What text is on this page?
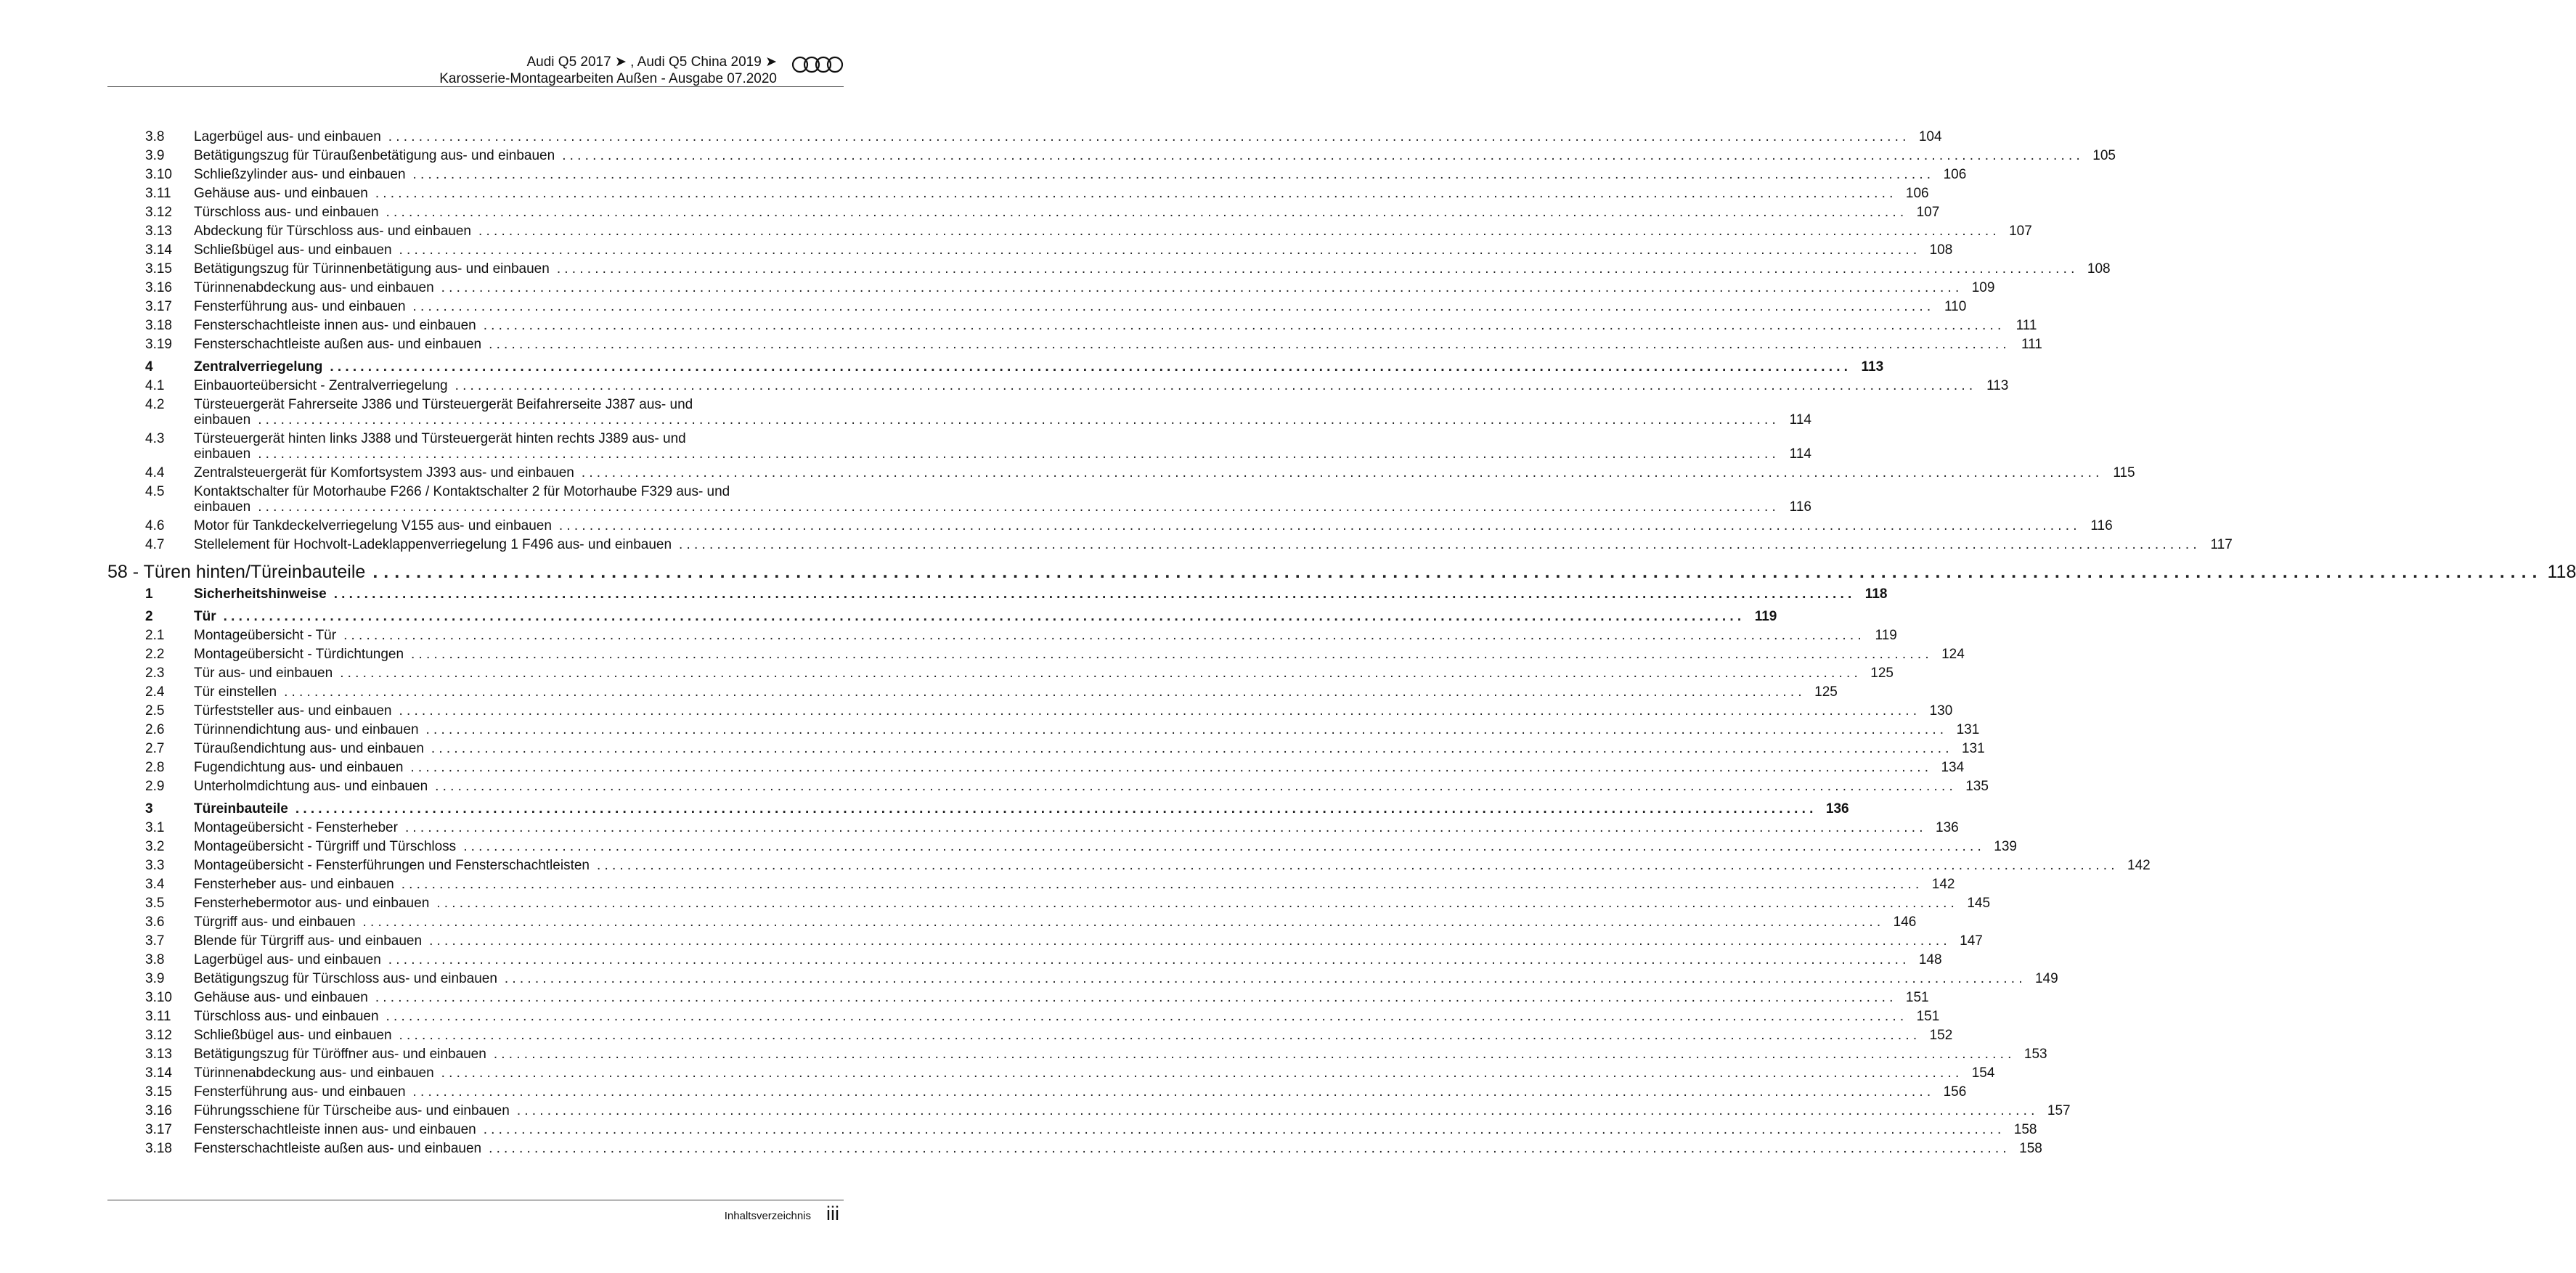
Audi Q5 2017 ➤ , Audi Q5 China 2019 ➤
Karosserie-Montagearbeiten Außen - Ausgabe 07.2020
3.8 Lagerbügel aus- und einbauen ........................................................................................................................................................................................................ 104
3.9 Betätigungszug für Türaußenbetätigung aus- und einbauen ........................................................................................................................................................................................................ 105
3.10 Schließzylinder aus- und einbauen ........................................................................................................................................................................................................ 106
3.11 Gehäuse aus- und einbauen ........................................................................................................................................................................................................ 106
3.12 Türschloss aus- und einbauen ........................................................................................................................................................................................................ 107
3.13 Abdeckung für Türschloss aus- und einbauen ........................................................................................................................................................................................................ 107
3.14 Schließbügel aus- und einbauen ........................................................................................................................................................................................................ 108
3.15 Betätigungszug für Türinnenbetätigung aus- und einbauen ........................................................................................................................................................................................................ 108
3.16 Türinnenabdeckung aus- und einbauen ........................................................................................................................................................................................................ 109
3.17 Fensterführung aus- und einbauen ........................................................................................................................................................................................................ 110
3.18 Fensterschachtleiste innen aus- und einbauen ........................................................................................................................................................................................................ 111
3.19 Fensterschachtleiste außen aus- und einbauen ........................................................................................................................................................................................................ 111
4	Zentralverriegelung ........................................................................................................................................................................................................ 113
4.1 Einbauorteübersicht - Zentralverriegelung ........................................................................................................................................................................................................ 113
4.2 Türsteuergerät Fahrerseite J386 und Türsteuergerät Beifahrerseite J387 aus- und
einbauen ........................................................................................................................................................................................................ 114
4.3 Türsteuergerät hinten links J388 und Türsteuergerät hinten rechts J389 aus- und
einbauen ........................................................................................................................................................................................................ 114
4.4 Zentralsteuergerät für Komfortsystem J393 aus- und einbauen ........................................................................................................................................................................................................ 115
4.5 Kontaktschalter für Motorhaube F266 / Kontaktschalter 2 für Motorhaube F329 aus- und
einbauen ........................................................................................................................................................................................................ 116
4.6 Motor für Tankdeckelverriegelung V155 aus- und einbauen ........................................................................................................................................................................................................ 116
4.7 Stellelement für Hochvolt-Ladeklappenverriegelung 1 F496 aus- und einbauen ........................................................................................................................................................................................................ 117
58 - Türen hinten/Türeinbauteile ........................................................................................................................................................................................................ 118
1	Sicherheitshinweise ........................................................................................................................................................................................................ 118
2	Tür ........................................................................................................................................................................................................ 119
2.1 Montageübersicht - Tür ........................................................................................................................................................................................................ 119
2.2 Montageübersicht - Türdichtungen ........................................................................................................................................................................................................ 124
2.3 Tür aus- und einbauen ........................................................................................................................................................................................................ 125
2.4 Tür einstellen ........................................................................................................................................................................................................ 125
2.5 Türfeststeller aus- und einbauen ........................................................................................................................................................................................................ 130
2.6 Türinnendichtung aus- und einbauen ........................................................................................................................................................................................................ 131
2.7 Türaußendichtung aus- und einbauen ........................................................................................................................................................................................................ 131
2.8 Fugendichtung aus- und einbauen ........................................................................................................................................................................................................ 134
2.9 Unterholmdichtung aus- und einbauen ........................................................................................................................................................................................................ 135
3	Türeinbauteile ........................................................................................................................................................................................................ 136
3.1 Montageübersicht - Fensterheber ........................................................................................................................................................................................................ 136
3.2 Montageübersicht - Türgriff und Türschloss ........................................................................................................................................................................................................ 139
3.3 Montageübersicht - Fensterführungen und Fensterschachtleisten ........................................................................................................................................................................................................ 142
3.4 Fensterheber aus- und einbauen ........................................................................................................................................................................................................ 142
3.5 Fensterhebermotor aus- und einbauen ........................................................................................................................................................................................................ 145
3.6 Türgriff aus- und einbauen ........................................................................................................................................................................................................ 146
3.7 Blende für Türgriff aus- und einbauen ........................................................................................................................................................................................................ 147
3.8 Lagerbügel aus- und einbauen ........................................................................................................................................................................................................ 148
3.9 Betätigungszug für Türschloss aus- und einbauen ........................................................................................................................................................................................................ 149
3.10 Gehäuse aus- und einbauen ........................................................................................................................................................................................................ 151
3.11 Türschloss aus- und einbauen ........................................................................................................................................................................................................ 151
3.12 Schließbügel aus- und einbauen ........................................................................................................................................................................................................ 152
3.13 Betätigungszug für Türöffner aus- und einbauen ........................................................................................................................................................................................................ 153
3.14 Türinnenabdeckung aus- und einbauen ........................................................................................................................................................................................................ 154
3.15 Fensterführung aus- und einbauen ........................................................................................................................................................................................................ 156
3.16 Führungsschiene für Türscheibe aus- und einbauen ........................................................................................................................................................................................................ 157
3.17 Fensterschachtleiste innen aus- und einbauen ........................................................................................................................................................................................................ 158
3.18 Fensterschachtleiste außen aus- und einbauen ........................................................................................................................................................................................................ 158
Inhaltsverzeichnis iii
